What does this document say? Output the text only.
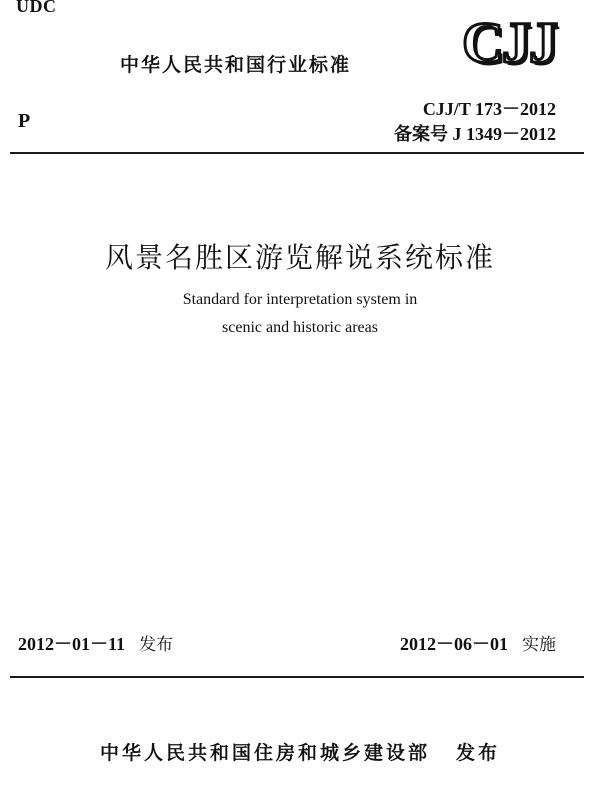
UDC
中华人民共和国行业标准 CJJ
P
CJJ/T 173－2012
备案号 J 1349－2012
风景名胜区游览解说系统标准
Standard for interpretation system in
scenic and historic areas
2012－01－11 发布	2012－06－01 实施
中华人民共和国住房和城乡建设部 发布
